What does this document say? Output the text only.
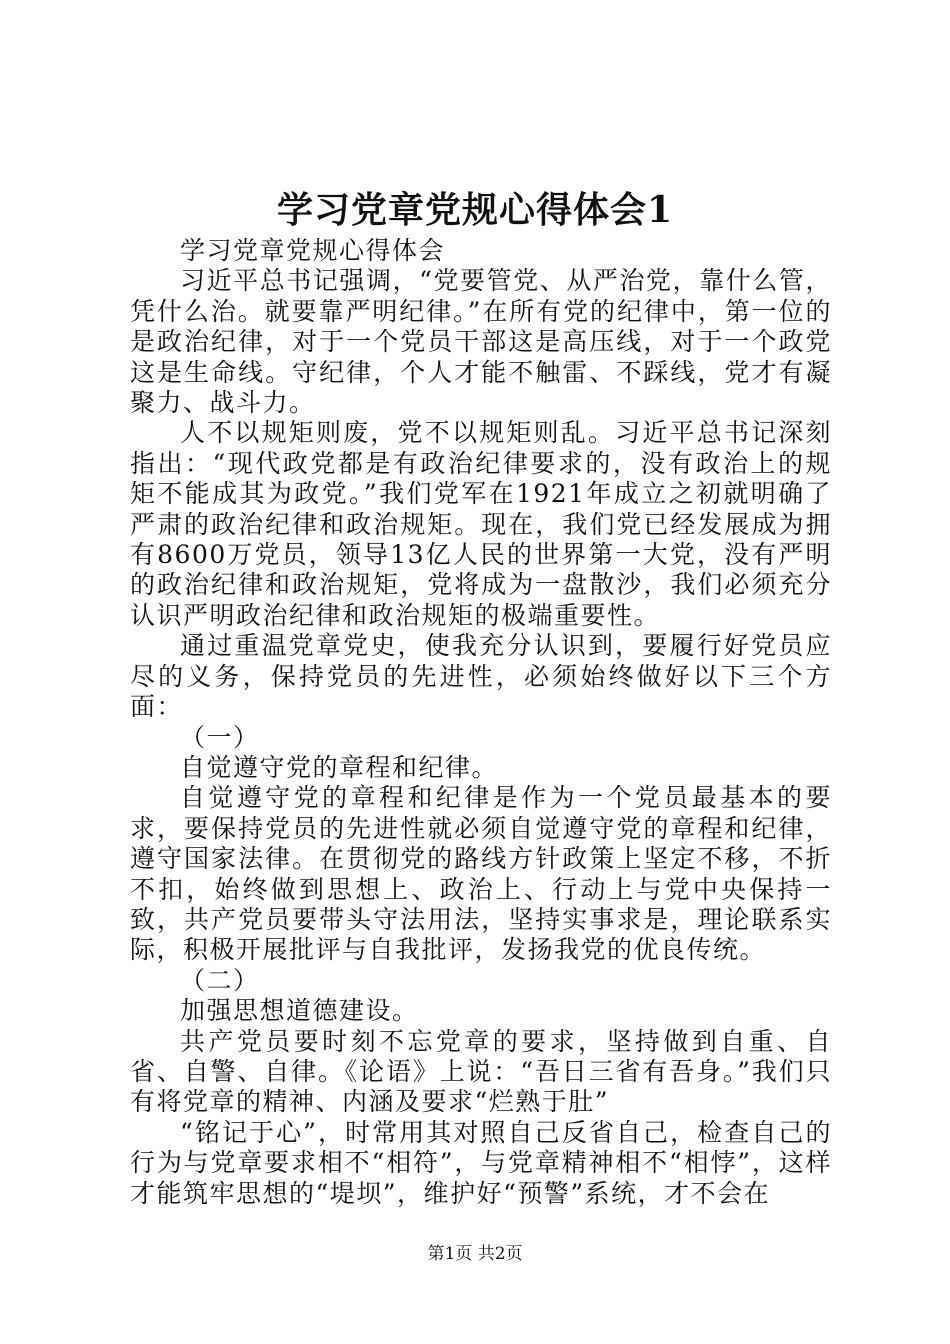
学习党章党规心得体会1

学习党章党规心得体会

习近平总书记强调，“党要管党、从严治党，靠什么管，凭什么治。就要靠严明纪律。”在所有党的纪律中，第一位的是政治纪律，对于一个党员干部这是高压线，对于一个政党这是生命线。守纪律，个人才能不触雷、不踩线，党才有凝聚力、战斗力。

人不以规矩则废，党不以规矩则乱。习近平总书记深刻指出：“现代政党都是有政治纪律要求的，没有政治上的规矩不能成其为政党。”我们党军在1921年成立之初就明确了严肃的政治纪律和政治规矩。现在，我们党已经发展成为拥有8600万党员，领导13亿人民的世界第一大党，没有严明的政治纪律和政治规矩，党将成为一盘散沙，我们必须充分认识严明政治纪律和政治规矩的极端重要性。

通过重温党章党史，使我充分认识到，要履行好党员应尽的义务，保持党员的先进性，必须始终做好以下三个方面：

（一）

自觉遵守党的章程和纪律。

自觉遵守党的章程和纪律是作为一个党员最基本的要求，要保持党员的先进性就必须自觉遵守党的章程和纪律，遵守国家法律。在贯彻党的路线方针政策上坚定不移，不折不扣，始终做到思想上、政治上、行动上与党中央保持一致，共产党员要带头守法用法，坚持实事求是，理论联系实际，积极开展批评与自我批评，发扬我党的优良传统。

（二）

加强思想道德建设。

共产党员要时刻不忘党章的要求，坚持做到自重、自省、自警、自律。《论语》上说：“吾日三省有吾身。”我们只有将党章的精神、内涵及要求“烂熟于肚”

“铭记于心”，时常用其对照自己反省自己，检查自己的行为与党章要求相不“相符”，与党章精神相不“相悖”，这样才能筑牢思想的“堤坝”，维护好“预警”系统，才不会在

第1页 共2页
